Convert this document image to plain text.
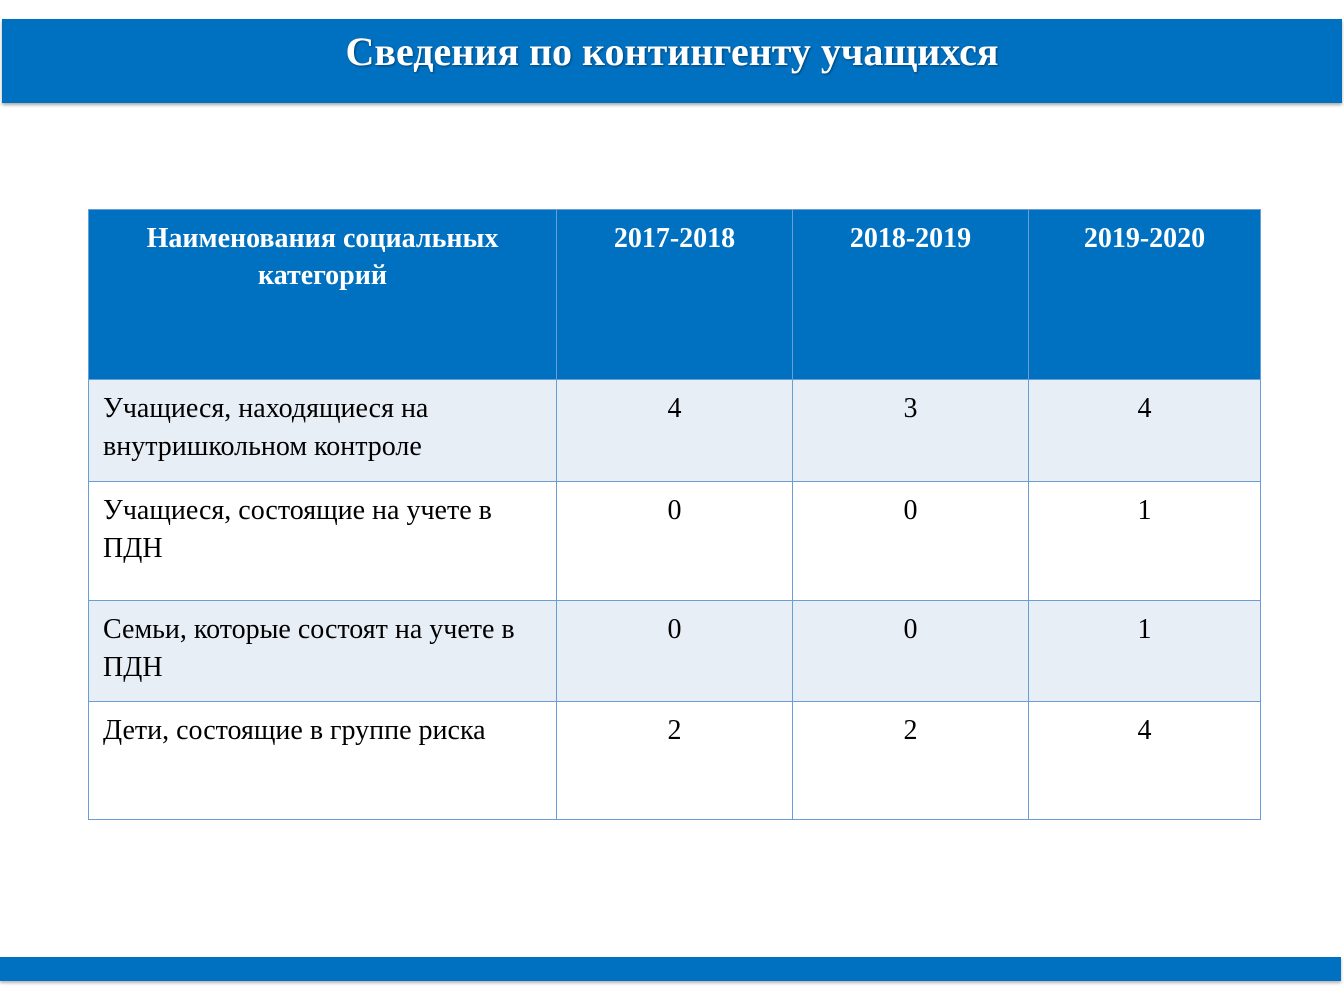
Сведения по контингенту учащихся
Наименования социальных категорий	2017-2018	2018-2019	2019-2020
Учащиеся, находящиеся на внутришкольном контроле	4	3	4
Учащиеся, состоящие на учете в ПДН	0	0	1
Семьи, которые состоят на учете в ПДН	0	0	1
Дети, состоящие в группе риска	2	2	4
